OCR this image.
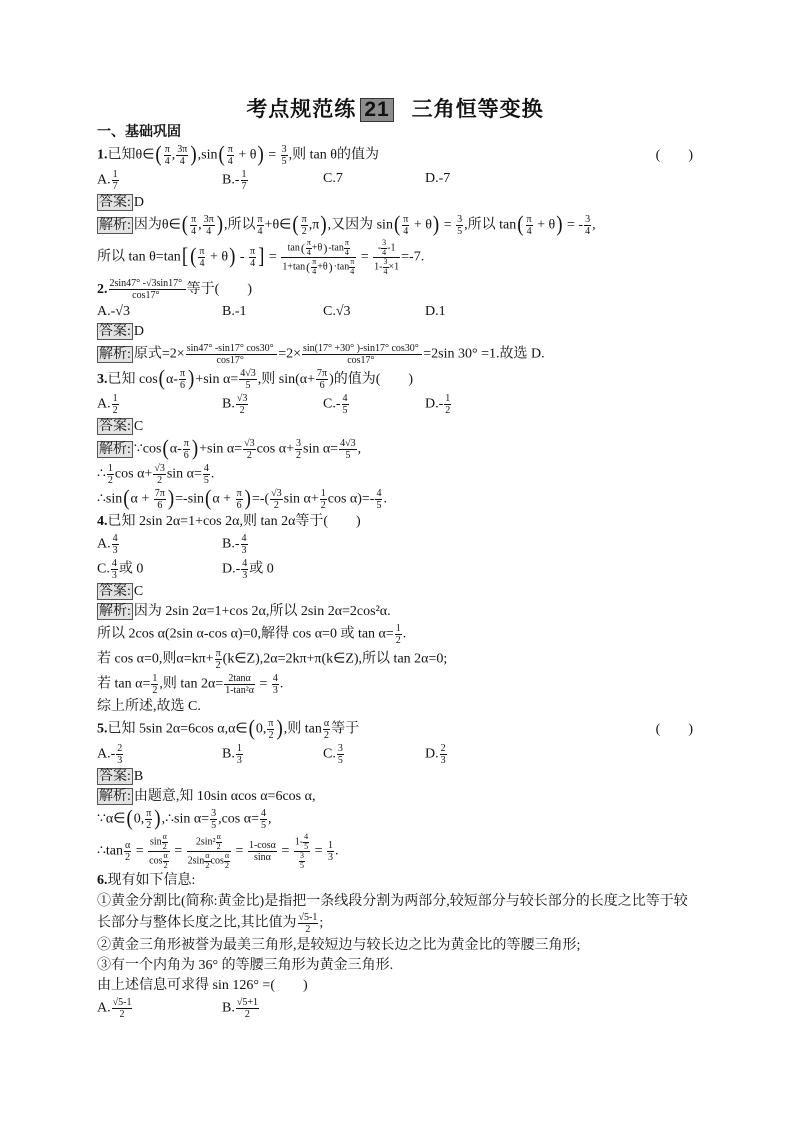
考点规范练 21 三角恒等变换
一、基础巩固
1.已知θ∈( $\frac{\pi}{4}$ , $\frac{3\pi}{4} ),\sin( \frac{\pi}{4} + \theta) = \frac{3}{5}$ ,则 tan θ的值为	(　　)
A. $\frac{1}{7}$	$B.- \frac{1}{7}$	C.7	D.-7
答案: D
解析: 因为θ∈( $\frac{\pi}{4}$ , $\frac{3\pi}{4}$ ),所以 $\frac{\pi}{4}$ +θ∈( $\frac{\pi}{2} ,\pi$),又因为 $\sin( \frac{\pi}{4} + \theta) = \frac{3}{5}$ ,所以 $\tan( \frac{\pi}{4} + \theta)$ = - $\frac{3}{4}$ ,
所以 tan θ=tan[ ( $\frac{\pi}{4} + \theta) - \frac{\pi}{4}$ ] = $\frac{\tan( \frac{\pi}{4} +\theta)-\tan \frac{\pi}{4}}{1+\tan( \frac{\pi}{4} +\theta)\cdot\tan \frac{\pi}{4}} = \frac{- \frac{3}{4} -1}{1- \frac{3}{4} \times 1} =-7$.
2. $\frac{2\sin 47^\circ -√3\sin 17^\circ}{\cos 17^\circ}$ 等于(　　)
A.-√3	B.-1	C.√3	D.1
答案: D
解析: 原式$=2\times \frac{\sin 47^\circ -\sin 17^\circ \cos 30^\circ}{\cos 17^\circ} =2\times \frac{\sin(17^\circ +30^\circ )-\sin 17^\circ \cos 30^\circ}{\cos 17^\circ} =2\sin$ 30° =1.故选 D.
3.已知 $\cos(\alpha- \frac{\pi}{6} )+\sin$ $\alpha= \frac{4√3}{5}$ ,则 $\sin(\alpha+ \frac{7\pi}{6}$ )的值为(　　)
A. $\frac{1}{2}$	B. $\frac{√3}{2}$	$C.- \frac{4}{5}$	$D.- \frac{1}{2}$
答案: C
解析: ∵cos(α- $\frac{\pi}{6} )+\sin$ $\alpha= \frac{√3}{2}$ $\cos \alpha+ \frac{3}{2}$ $\sin \alpha= \frac{4√3}{5}$ ,
∴ $\frac{1}{2}$ $\cos \alpha+ \frac{√3}{2}$ $\sin \alpha= \frac{4}{5}$ .
∴sin(α + $\frac{7\pi}{6} )=-\sin(\alpha + \frac{\pi}{6}$ )=-( $\frac{√3}{2}$ $\sin \alpha+ \frac{1}{2}$ $\cos \alpha)=- \frac{4}{5}$ .
4.已知 2sin 2α=1+cos 2α,则 tan 2α等于(　　)
A. $\frac{4}{3}$	$B.- \frac{4}{3}$
C. $\frac{4}{3}$ 或 0	$D.- \frac{4}{3}$ 或 0
答案: C
解析: 因为 2sin 2α=1+cos 2α,所以 2sin 2α=2cos²α.
所以 2cos α(2sin α-cos α)=0,解得 cos α=0 或 $\tan \alpha= \frac{1}{2}$ .
若 cos α=0,则$\alpha=k\pi+ \frac{\pi}{2}$ (k∈Z),2α=2kπ+π(k∈Z),所以 tan 2α=0;
若 $\tan \alpha= \frac{1}{2}$ ,则 $\tan 2\alpha= \frac{2\tan\alpha}{\text{1-tan²α}} = \frac{4}{3}$ .
综上所述,故选 C.
5.已知 5sin 2α=6cos α,α∈(0, $\frac{\pi}{2}$ ),则 $\tan \frac{\alpha}{2}$ 等于	(　　)
$A.- \frac{2}{3}$	B. $\frac{1}{3}$	C. $\frac{3}{5}$	D. $\frac{2}{3}$
答案: B
解析: 由题意,知 10sin αcos α=6cos α,
∵α∈(0, $\frac{\pi}{2}$ ),∴sin $\alpha= \frac{3}{5} ,\cos$ $\alpha= \frac{4}{5}$ ,
∴tan $\frac{\alpha}{2} = \frac{\sin \frac{\alpha}{2}}{\cos \frac{\alpha}{2}} = \frac{2\sin^2 \frac{\alpha}{2}}{2\sin \frac{\alpha}{2} \cos \frac{\alpha}{2}} = \frac{1-\cos\alpha}{\sin\alpha} = \frac{1- \frac{4}{5}}{\frac{3}{5}} = \frac{1}{3}$ .
6.现有如下信息:
①黄金分割比(简称:黄金比)是指把一条线段分割为两部分,较短部分与较长部分的长度之比等于较长部分与整体长度之比,其比值为 $\frac{√5-1}{2}$ ;
②黄金三角形被誉为最美三角形,是较短边与较长边之比为黄金比的等腰三角形;
③有一个内角为 36° 的等腰三角形为黄金三角形.
由上述信息可求得 sin 126° =(　　)
A. $\frac{√5-1}{2}$	B. $\frac{√5+1}{2}$
